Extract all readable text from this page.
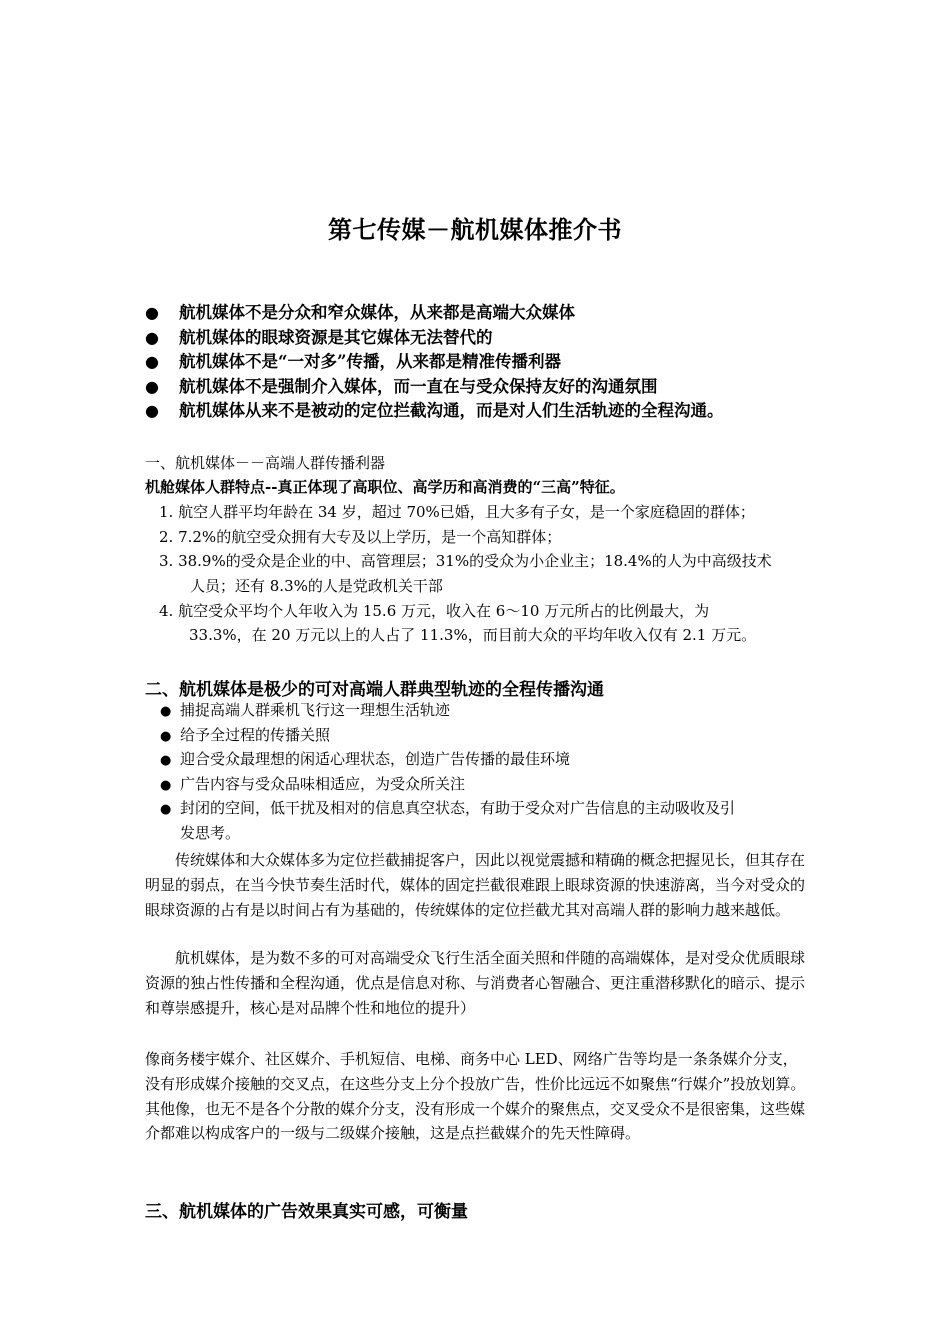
第七传媒－航机媒体推介书
● 航机媒体不是分众和窄众媒体，从来都是高端大众媒体
● 航机媒体的眼球资源是其它媒体无法替代的
● 航机媒体不是“一对多”传播，从来都是精准传播利器
● 航机媒体不是强制介入媒体，而一直在与受众保持友好的沟通氛围
● 航机媒体从来不是被动的定位拦截沟通，而是对人们生活轨迹的全程沟通。
一、航机媒体－－高端人群传播利器
机舱媒体人群特点--真正体现了高职位、高学历和高消费的“三高”特征。
1. 航空人群平均年龄在 34 岁，超过 70%已婚，且大多有子女，是一个家庭稳固的群体；
2. 7.2%的航空受众拥有大专及以上学历，是一个高知群体；
3. 38.9%的受众是企业的中、高管理层；31%的受众为小企业主；18.4%的人为中高级技术
人员；还有 8.3%的人是党政机关干部
4. 航空受众平均个人年收入为 15.6 万元，收入在 6～10 万元所占的比例最大，为
33.3%，在 20 万元以上的人占了 11.3%，而目前大众的平均年收入仅有 2.1 万元。
二、航机媒体是极少的可对高端人群典型轨迹的全程传播沟通
● 捕捉高端人群乘机飞行这一理想生活轨迹
● 给予全过程的传播关照
● 迎合受众最理想的闲适心理状态，创造广告传播的最佳环境
● 广告内容与受众品味相适应，为受众所关注
● 封闭的空间，低干扰及相对的信息真空状态，有助于受众对广告信息的主动吸收及引
发思考。
传统媒体和大众媒体多为定位拦截捕捉客户，因此以视觉震撼和精确的概念把握见长，但其存在明显的弱点，在当今快节奏生活时代，媒体的固定拦截很难跟上眼球资源的快速游离，当今对受众的眼球资源的占有是以时间占有为基础的，传统媒体的定位拦截尤其对高端人群的影响力越来越低。
航机媒体，是为数不多的可对高端受众飞行生活全面关照和伴随的高端媒体，是对受众优质眼球资源的独占性传播和全程沟通，优点是信息对称、与消费者心智融合、更注重潜移默化的暗示、提示和尊崇感提升，核心是对品牌个性和地位的提升）
像商务楼宇媒介、社区媒介、手机短信、电梯、商务中心 LED、网络广告等均是一条条媒介分支，没有形成媒介接触的交叉点，在这些分支上分个投放广告，性价比远远不如聚焦“行媒介”投放划算。其他像，也无不是各个分散的媒介分支，没有形成一个媒介的聚焦点，交叉受众不是很密集，这些媒介都难以构成客户的一级与二级媒介接触，这是点拦截媒介的先天性障碍。
三、航机媒体的广告效果真实可感，可衡量
